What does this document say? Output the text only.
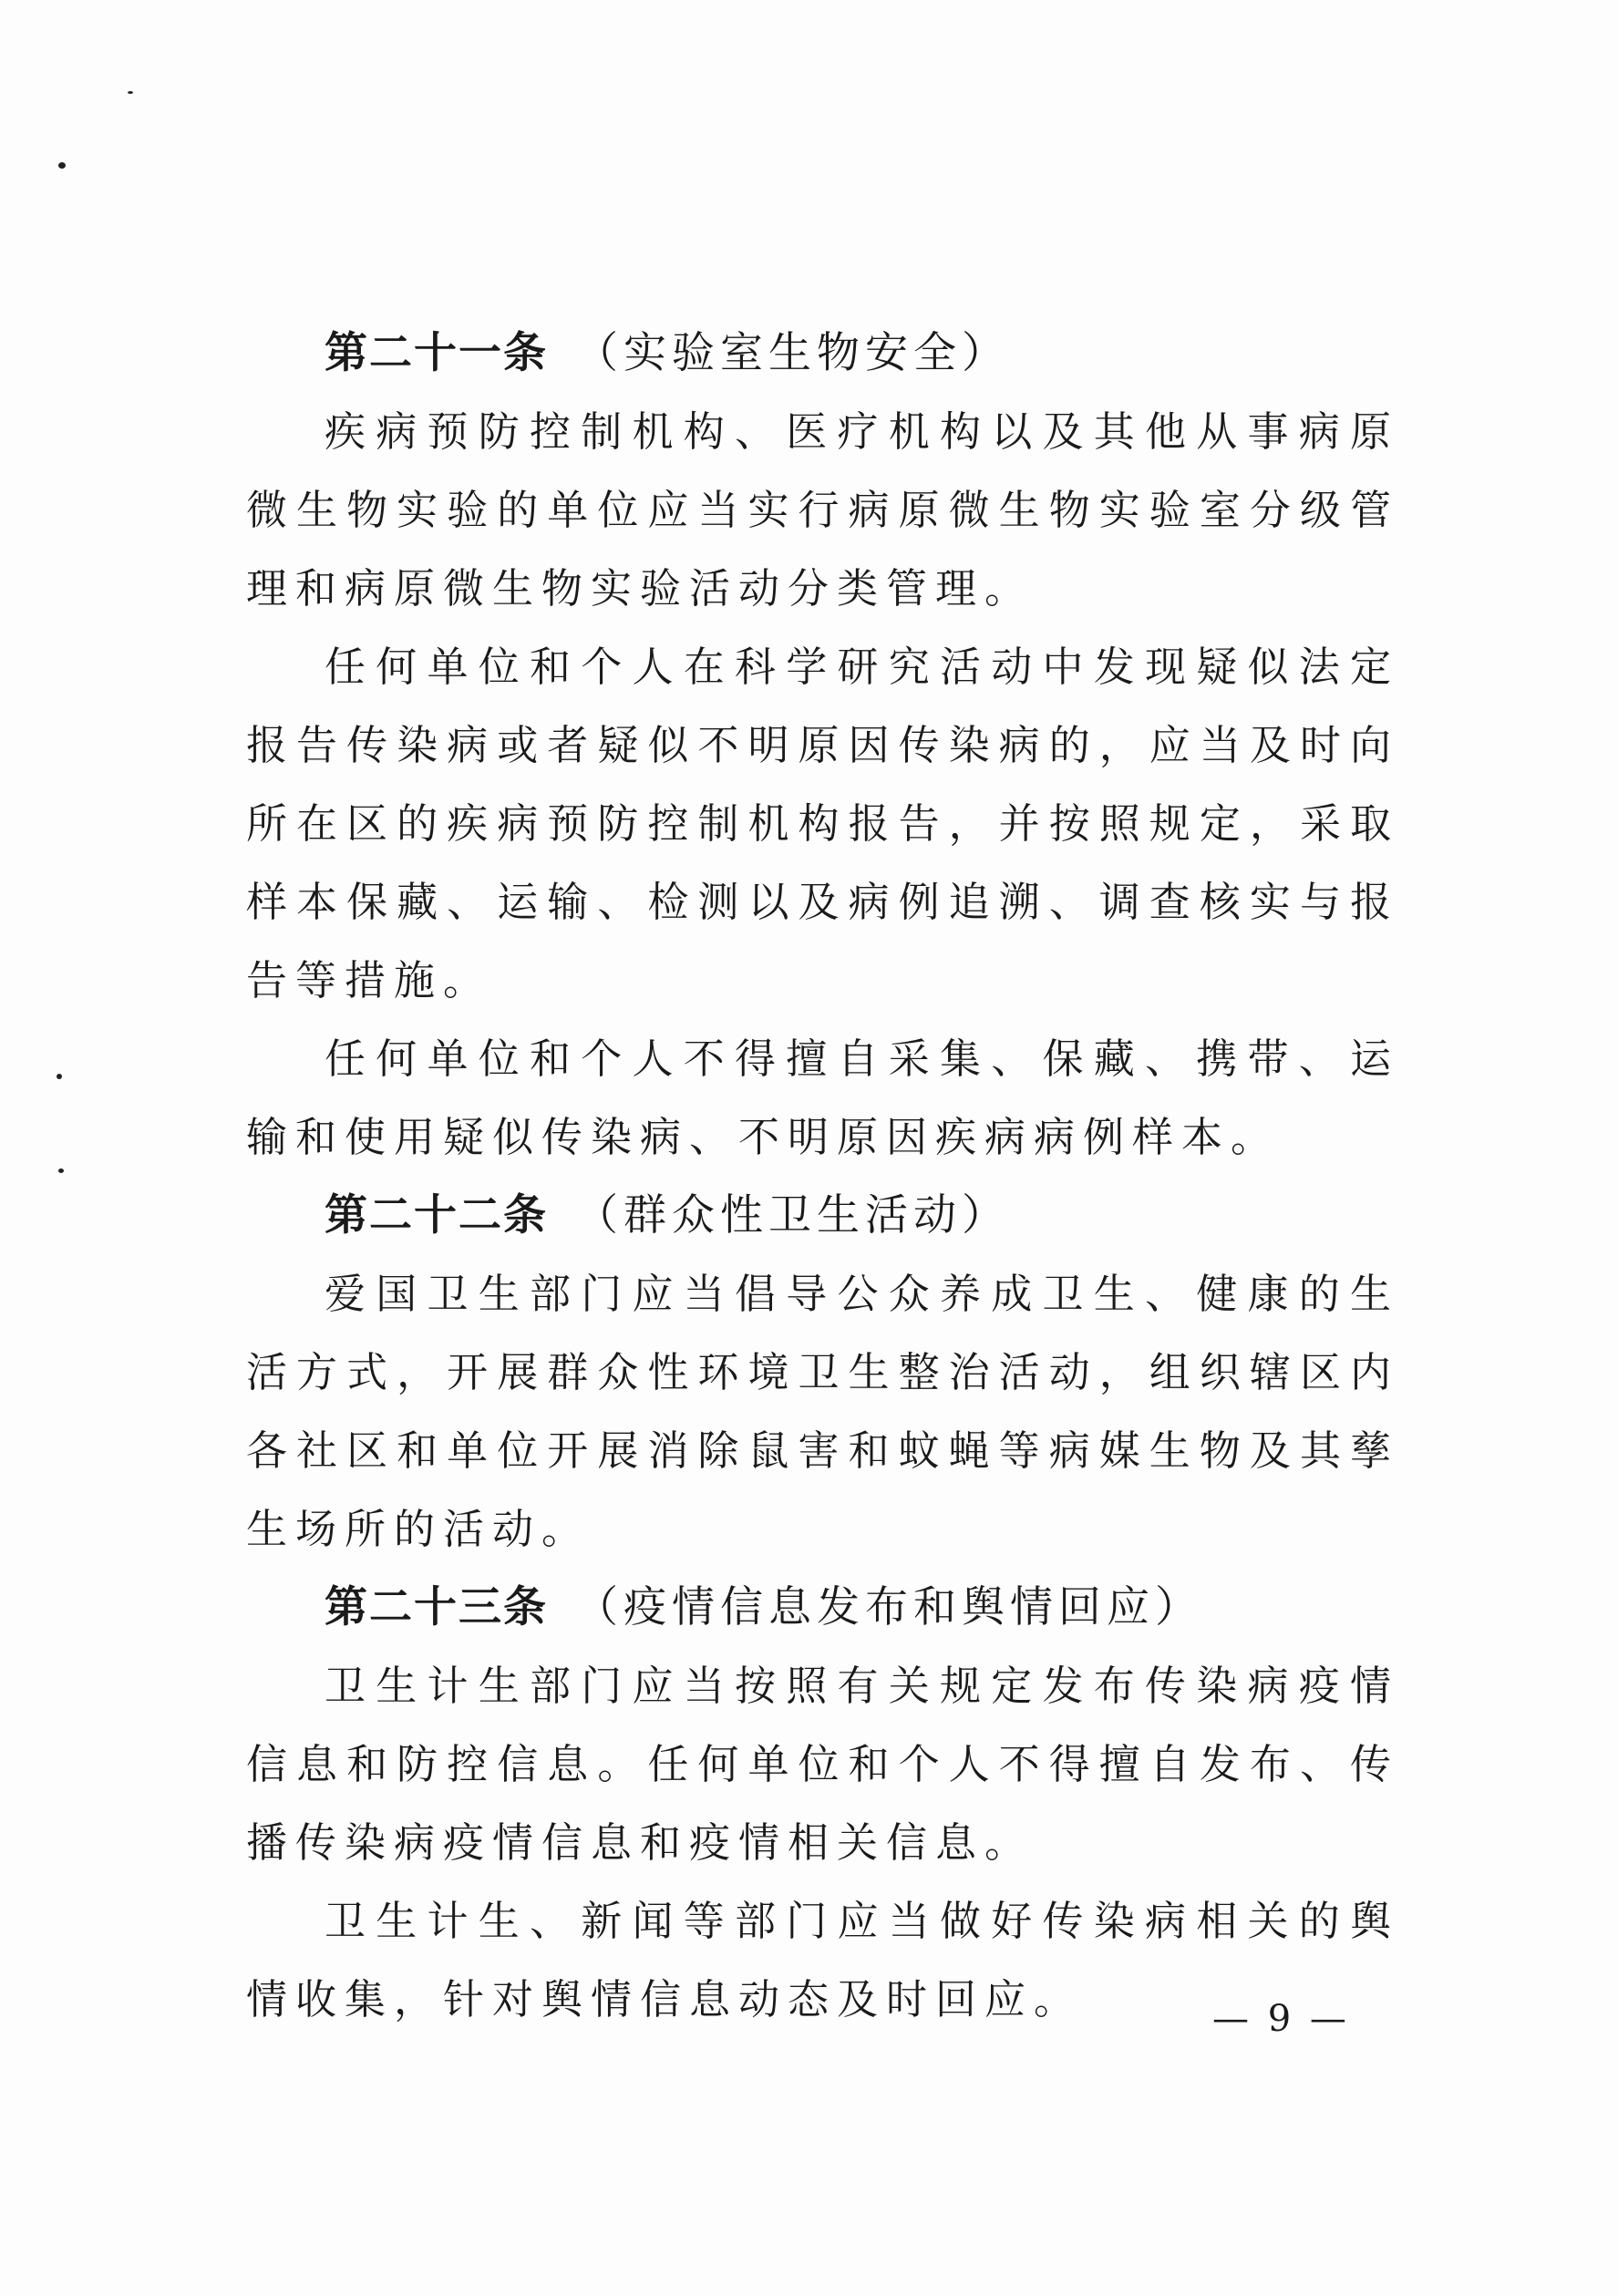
第二十一条 （实验室生物安全）

疾病预防控制机构、医疗机构以及其他从事病原微生物实验的单位应当实行病原微生物实验室分级管理和病原微生物实验活动分类管理。

任何单位和个人在科学研究活动中发现疑似法定报告传染病或者疑似不明原因传染病的，应当及时向所在区的疾病预防控制机构报告，并按照规定，采取样本保藏、运输、检测以及病例追溯、调查核实与报告等措施。

任何单位和个人不得擅自采集、保藏、携带、运输和使用疑似传染病、不明原因疾病病例样本。

第二十二条 （群众性卫生活动）

爱国卫生部门应当倡导公众养成卫生、健康的生活方式，开展群众性环境卫生整治活动，组织辖区内各社区和单位开展消除鼠害和蚊蝇等病媒生物及其孳生场所的活动。

第二十三条 （疫情信息发布和舆情回应）

卫生计生部门应当按照有关规定发布传染病疫情信息和防控信息。任何单位和个人不得擅自发布、传播传染病疫情信息和疫情相关信息。

卫生计生、新闻等部门应当做好传染病相关的舆情收集，针对舆情信息动态及时回应。	— 9 —
